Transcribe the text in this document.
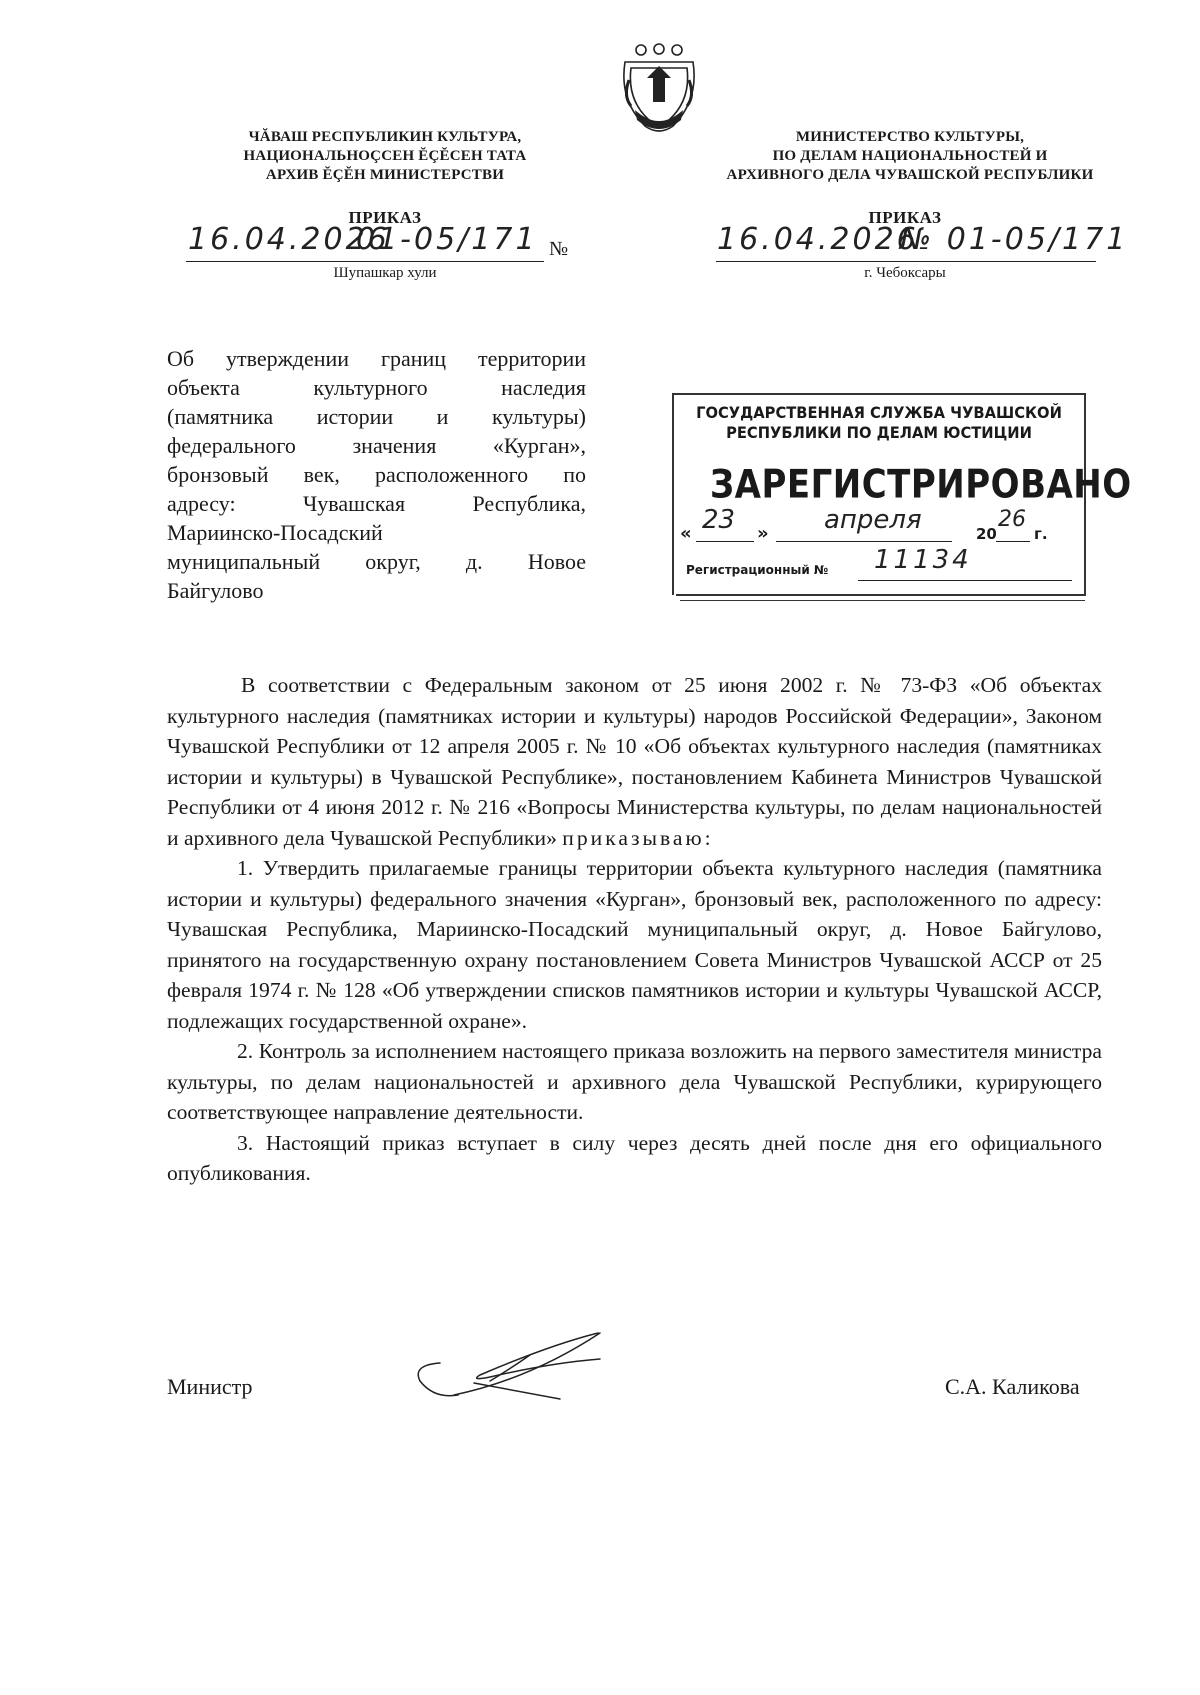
ЧĂВАШ РЕСПУБЛИКИН КУЛЬТУРА,
НАЦИОНАЛЬНОÇСЕН ĔÇĔСЕН ТАТА
АРХИВ ĔÇĔН МИНИСТЕРСТВИ
МИНИСТЕРСТВО КУЛЬТУРЫ,
ПО ДЕЛАМ НАЦИОНАЛЬНОСТЕЙ И
АРХИВНОГО ДЕЛА ЧУВАШСКОЙ РЕСПУБЛИКИ
ПРИКАЗ
16.04.2026
01-05/171 №
Шупашкар хули
ПРИКАЗ
16.04.2026
№ 01-05/171
г. Чебоксары
Об утверждении границ территории
объекта культурного наследия
(памятника истории и культуры)
федерального значения «Курган»,
бронзовый век, расположенного по
адресу: Чувашская Республика,
Мариинско-Посадский
муниципальный округ, д. Новое
Байгулово
ГОСУДАРСТВЕННАЯ СЛУЖБА ЧУВАШСКОЙ
РЕСПУБЛИКИ ПО ДЕЛАМ ЮСТИЦИИ
ЗАРЕГИСТРИРОВАНО
« 23 » апреля	20
26
г.
Регистрационный № 11134

В соответствии с Федеральным законом от 25 июня 2002 г. № 73-ФЗ «Об объектах культурного наследия (памятниках истории и культуры) народов Российской Федерации», Законом Чувашской Республики от 12 апреля 2005 г. № 10 «Об объектах культурного наследия (памятниках истории и культуры) в Чувашской Республике», постановлением Кабинета Министров Чувашской Республики от 4 июня 2012 г. № 216 «Вопросы Министерства культуры, по делам национальностей и архивного дела Чувашской Республики» приказываю:

1. Утвердить прилагаемые границы территории объекта культурного наследия (памятника истории и культуры) федерального значения «Курган», бронзовый век, расположенного по адресу: Чувашская Республика, Мариинско-Посадский муниципальный округ, д. Новое Байгулово, принятого на государственную охрану постановлением Совета Министров Чувашской АССР от 25 февраля 1974 г. № 128 «Об утверждении списков памятников истории и культуры Чувашской АССР, подлежащих государственной охране».

2. Контроль за исполнением настоящего приказа возложить на первого заместителя министра культуры, по делам национальностей и архивного дела Чувашской Республики, курирующего соответствующее направление деятельности.

3. Настоящий приказ вступает в силу через десять дней после дня его официального опубликования.

Министр	С.А. Каликова
